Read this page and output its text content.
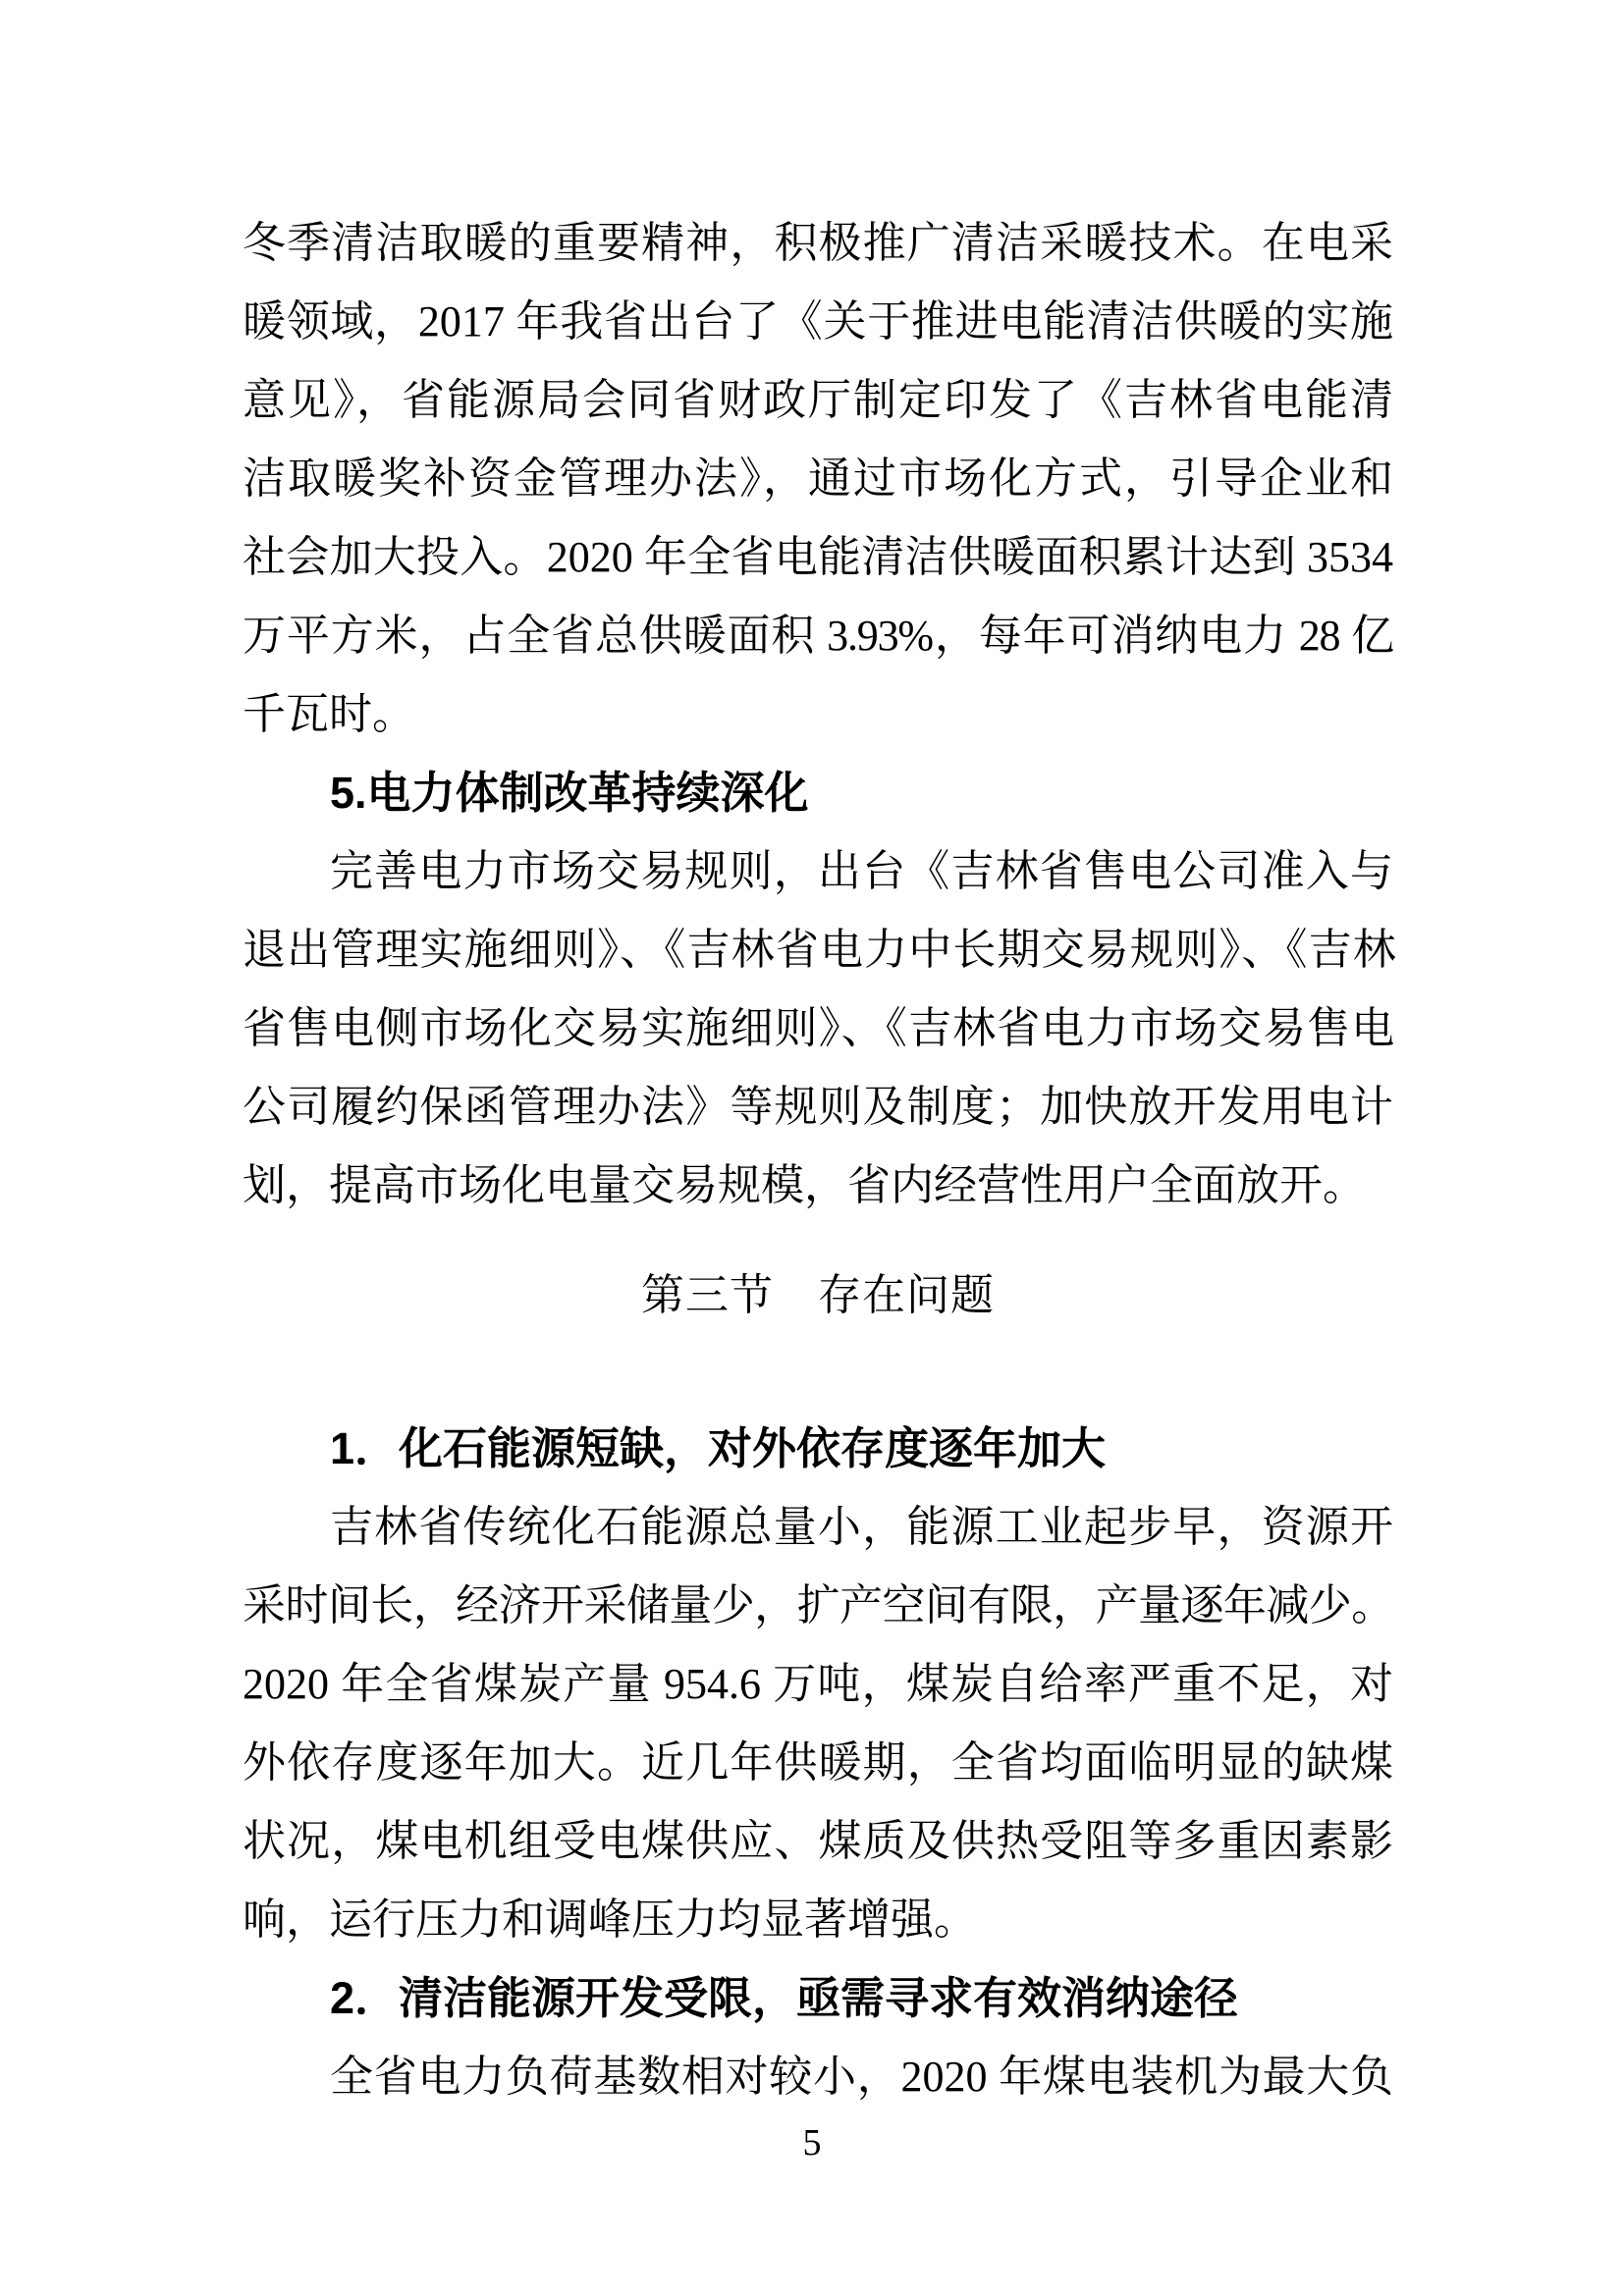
冬季清洁取暖的重要精神，积极推广清洁采暖技术。在电采
暖领域，2017 年我省出台了《关于推进电能清洁供暖的实施
意见》，省能源局会同省财政厅制定印发了《吉林省电能清
洁取暖奖补资金管理办法》，通过市场化方式，引导企业和
社会加大投入。2020 年全省电能清洁供暖面积累计达到 3534
万平方米，占全省总供暖面积 3.93%，每年可消纳电力 28 亿
千瓦时。
5.电力体制改革持续深化
完善电力市场交易规则，出台《吉林省售电公司准入与
退出管理实施细则》、《吉林省电力中长期交易规则》、《吉林
省售电侧市场化交易实施细则》、《吉林省电力市场交易售电
公司履约保函管理办法》等规则及制度；加快放开发用电计
划，提高市场化电量交易规模，省内经营性用户全面放开。
第三节　存在问题
1．化石能源短缺，对外依存度逐年加大
吉林省传统化石能源总量小，能源工业起步早，资源开
采时间长，经济开采储量少，扩产空间有限，产量逐年减少。
2020 年全省煤炭产量 954.6 万吨，煤炭自给率严重不足，对
外依存度逐年加大。近几年供暖期，全省均面临明显的缺煤
状况，煤电机组受电煤供应、煤质及供热受阻等多重因素影
响，运行压力和调峰压力均显著增强。
2．清洁能源开发受限，亟需寻求有效消纳途径
全省电力负荷基数相对较小，2020 年煤电装机为最大负
5
